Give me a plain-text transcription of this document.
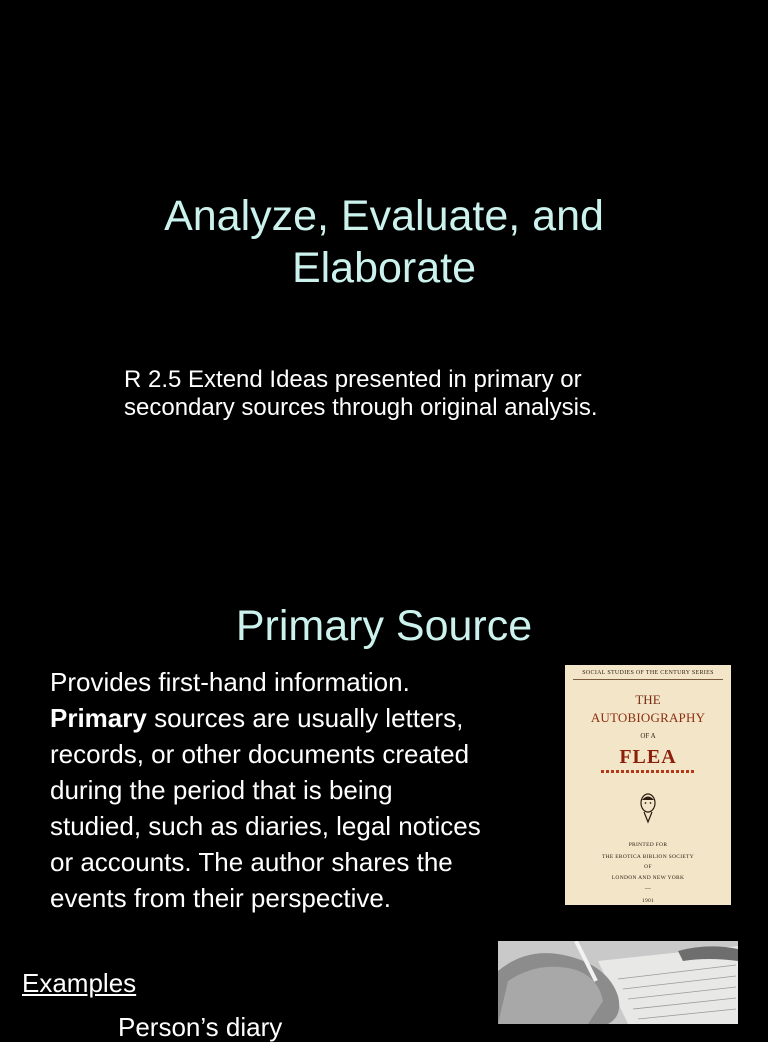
Analyze, Evaluate, and
Elaborate

R 2.5 Extend Ideas presented in primary or
secondary sources through original analysis.

Primary Source

Provides first-hand information.
Primary sources are usually letters,
records, or other documents created
during the period that is being
studied, such as diaries, legal notices
or accounts. The author shares the
events from their perspective.

SOCIAL STUDIES OF THE CENTURY SERIES
THE
AUTOBIOGRAPHY
OF A
FLEA
PRINTED FOR
THE EROTICA BIBLION SOCIETY
OF
LONDON AND NEW YORK
—
1901

Examples

Person’s diary
